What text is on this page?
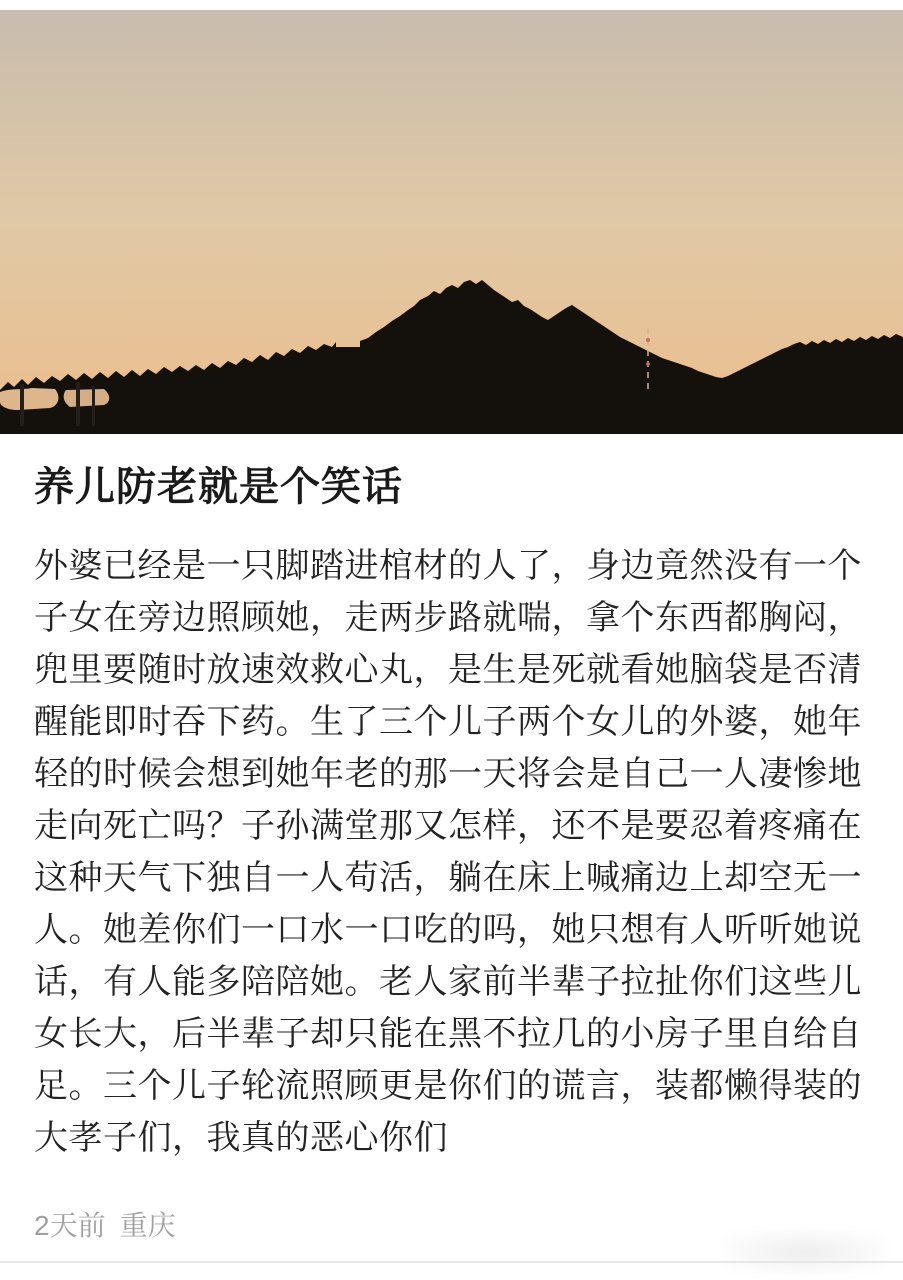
养儿防老就是个笑话

外婆已经是一只脚踏进棺材的人了，身边竟然没有一个子女在旁边照顾她，走两步路就喘，拿个东西都胸闷，兜里要随时放速效救心丸，是生是死就看她脑袋是否清醒能即时吞下药。生了三个儿子两个女儿的外婆，她年轻的时候会想到她年老的那一天将会是自己一人凄惨地走向死亡吗？子孙满堂那又怎样，还不是要忍着疼痛在这种天气下独自一人苟活，躺在床上喊痛边上却空无一人。她差你们一口水一口吃的吗，她只想有人听听她说话，有人能多陪陪她。老人家前半辈子拉扯你们这些儿女长大，后半辈子却只能在黑不拉几的小房子里自给自足。三个儿子轮流照顾更是你们的谎言，装都懒得装的大孝子们，我真的恶心你们

2天前 重庆
